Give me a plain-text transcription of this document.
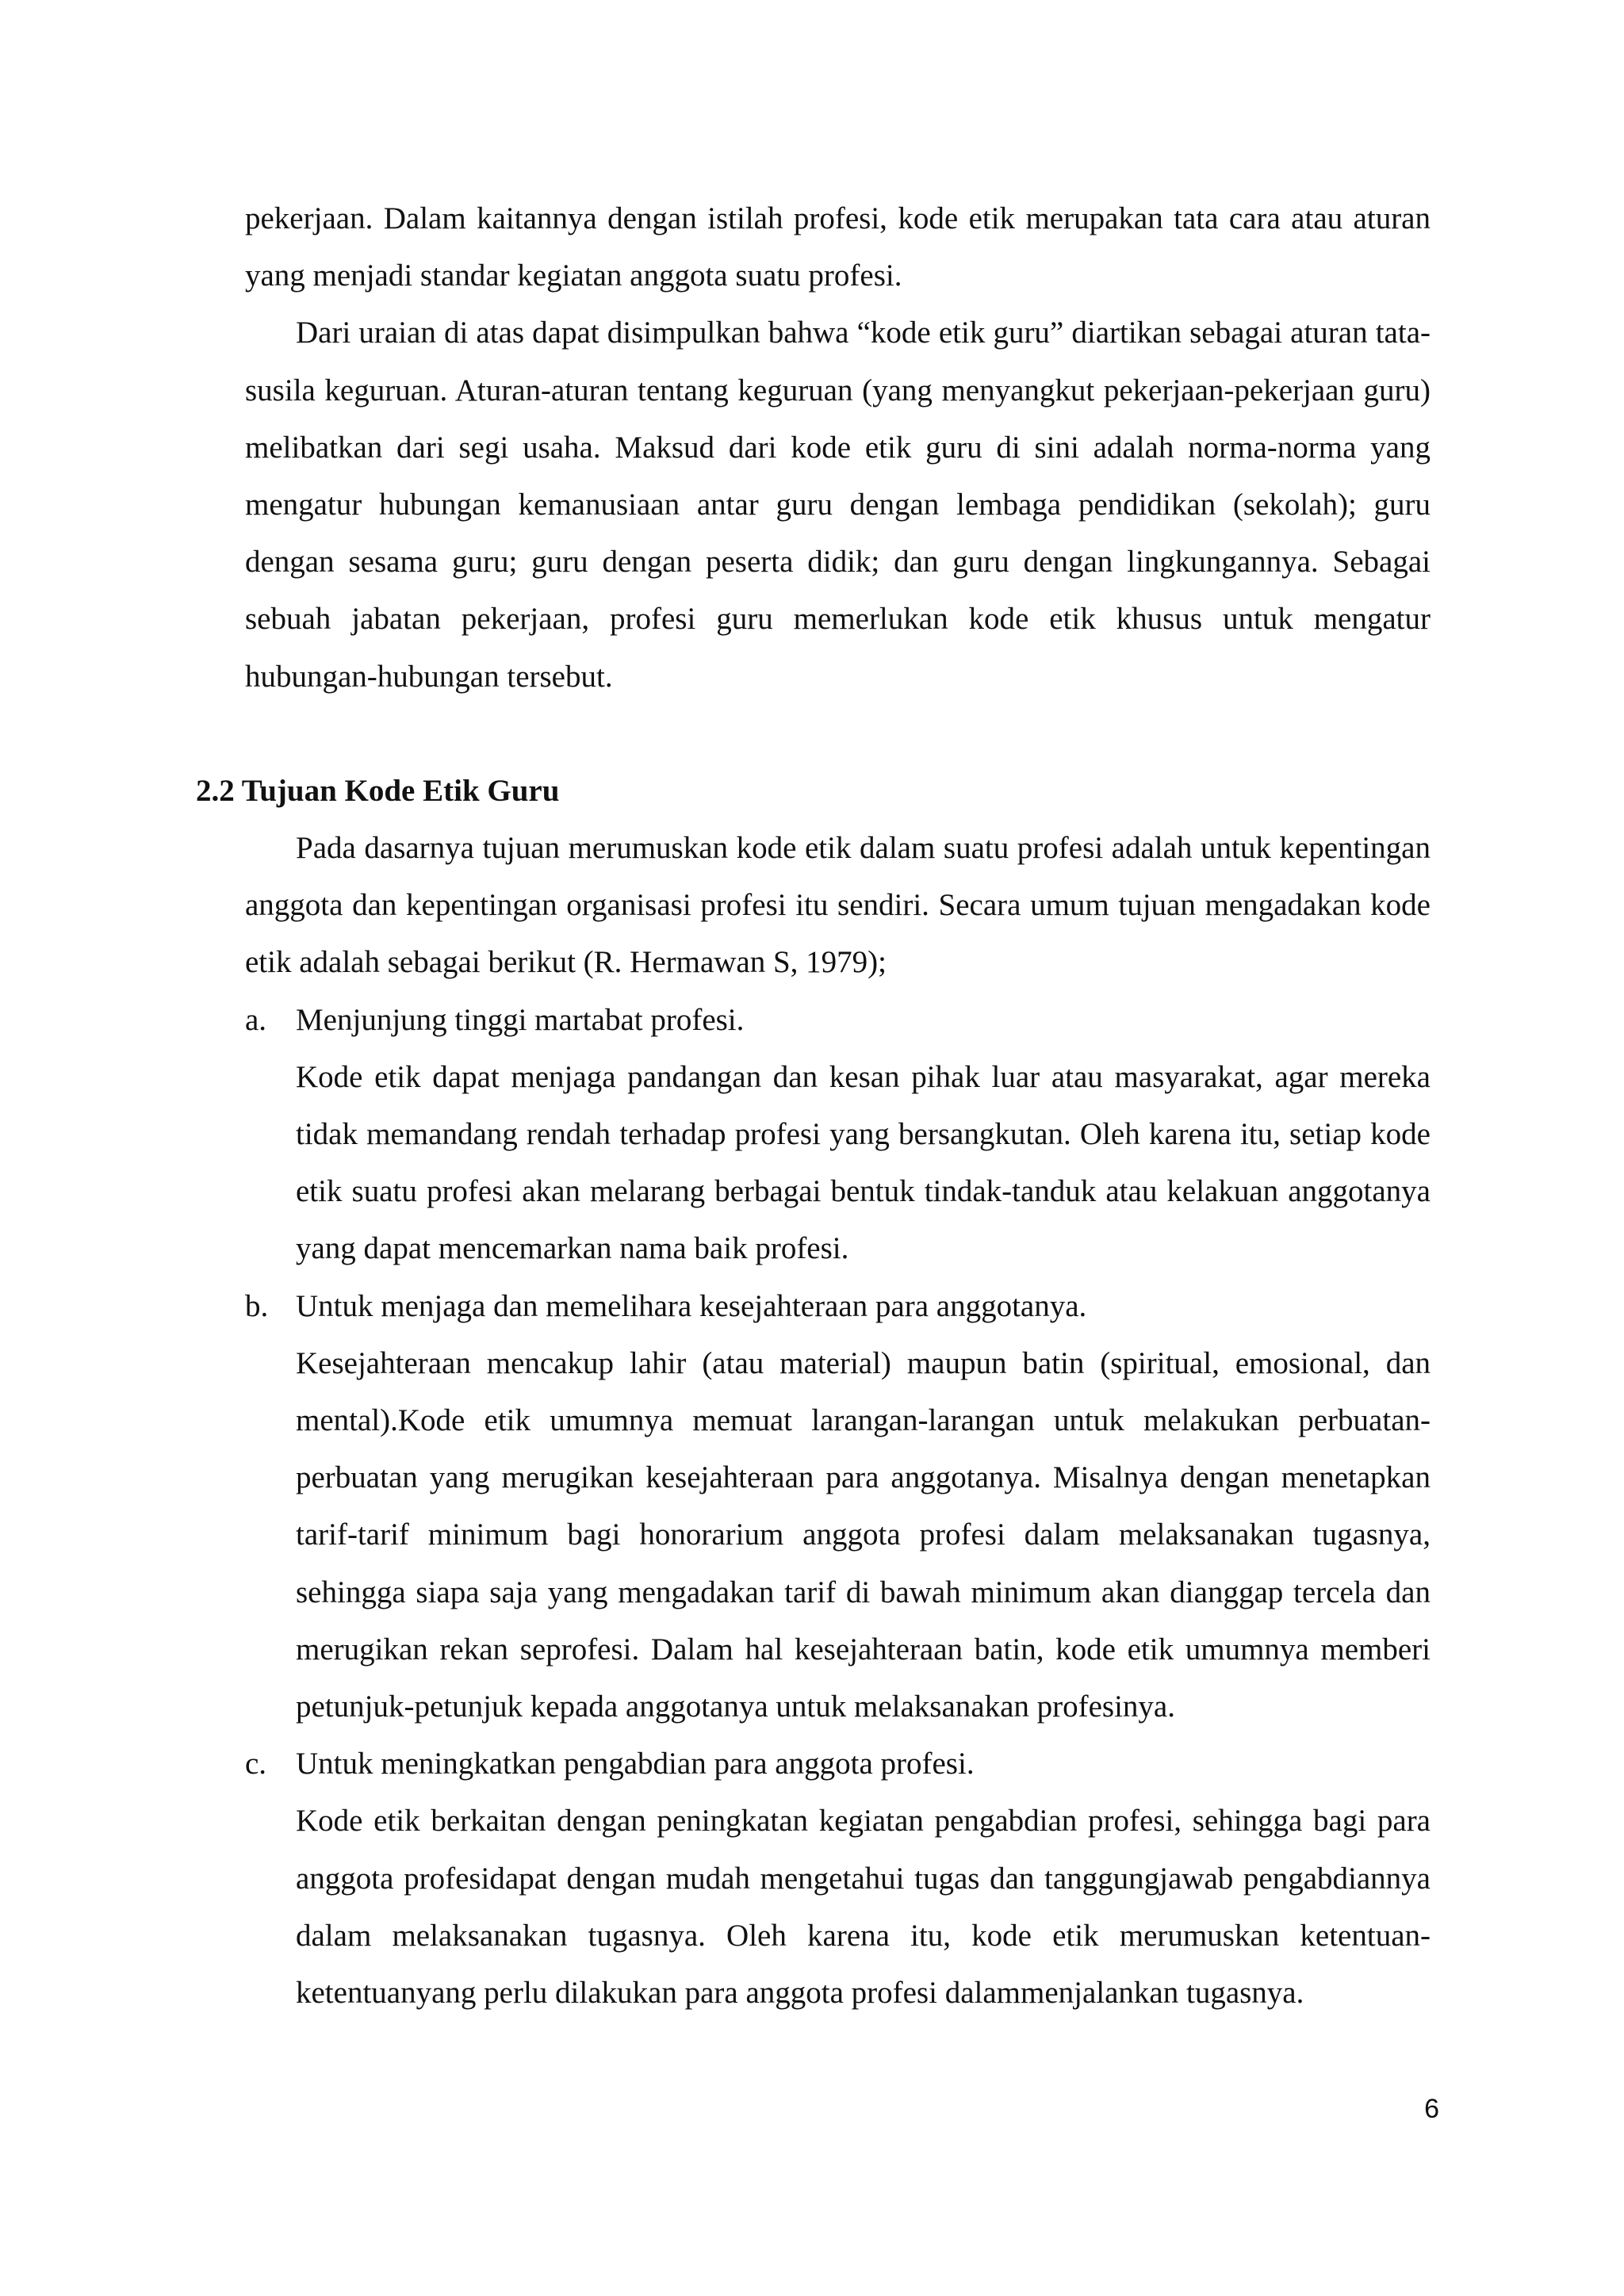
pekerjaan. Dalam kaitannya dengan istilah profesi, kode etik merupakan tata cara atau aturan yang menjadi standar kegiatan anggota suatu profesi.

Dari uraian di atas dapat disimpulkan bahwa “kode etik guru” diartikan sebagai aturan tata-susila keguruan. Aturan-aturan tentang keguruan (yang menyangkut pekerjaan-pekerjaan guru) melibatkan dari segi usaha. Maksud dari kode etik guru di sini adalah norma-norma yang mengatur hubungan kemanusiaan antar guru dengan lembaga pendidikan (sekolah); guru dengan sesama guru; guru dengan peserta didik; dan guru dengan lingkungannya. Sebagai sebuah jabatan pekerjaan, profesi guru memerlukan kode etik khusus untuk mengatur hubungan-hubungan tersebut.

2.2 Tujuan Kode Etik Guru

Pada dasarnya tujuan merumuskan kode etik dalam suatu profesi adalah untuk kepentingan anggota dan kepentingan organisasi profesi itu sendiri. Secara umum tujuan mengadakan kode etik adalah sebagai berikut (R. Hermawan S, 1979);

a. Menjunjung tinggi martabat profesi.

Kode etik dapat menjaga pandangan dan kesan pihak luar atau masyarakat, agar mereka tidak memandang rendah terhadap profesi yang bersangkutan. Oleh karena itu, setiap kode etik suatu profesi akan melarang berbagai bentuk tindak-tanduk atau kelakuan anggotanya yang dapat mencemarkan nama baik profesi.

b. Untuk menjaga dan memelihara kesejahteraan para anggotanya.

Kesejahteraan mencakup lahir (atau material) maupun batin (spiritual, emosional, dan mental).Kode etik umumnya memuat larangan-larangan untuk melakukan perbuatan-perbuatan yang merugikan kesejahteraan para anggotanya. Misalnya dengan menetapkan tarif-tarif minimum bagi honorarium anggota profesi dalam melaksanakan tugasnya, sehingga siapa saja yang mengadakan tarif di bawah minimum akan dianggap tercela dan merugikan rekan seprofesi. Dalam hal kesejahteraan batin, kode etik umumnya memberi petunjuk-petunjuk kepada anggotanya untuk melaksanakan profesinya.

c. Untuk meningkatkan pengabdian para anggota profesi.

Kode etik berkaitan dengan peningkatan kegiatan pengabdian profesi, sehingga bagi para anggota profesidapat dengan mudah mengetahui tugas dan tanggungjawab pengabdiannya dalam melaksanakan tugasnya. Oleh karena itu, kode etik merumuskan ketentuan-ketentuanyang perlu dilakukan para anggota profesi dalammenjalankan tugasnya.

6
